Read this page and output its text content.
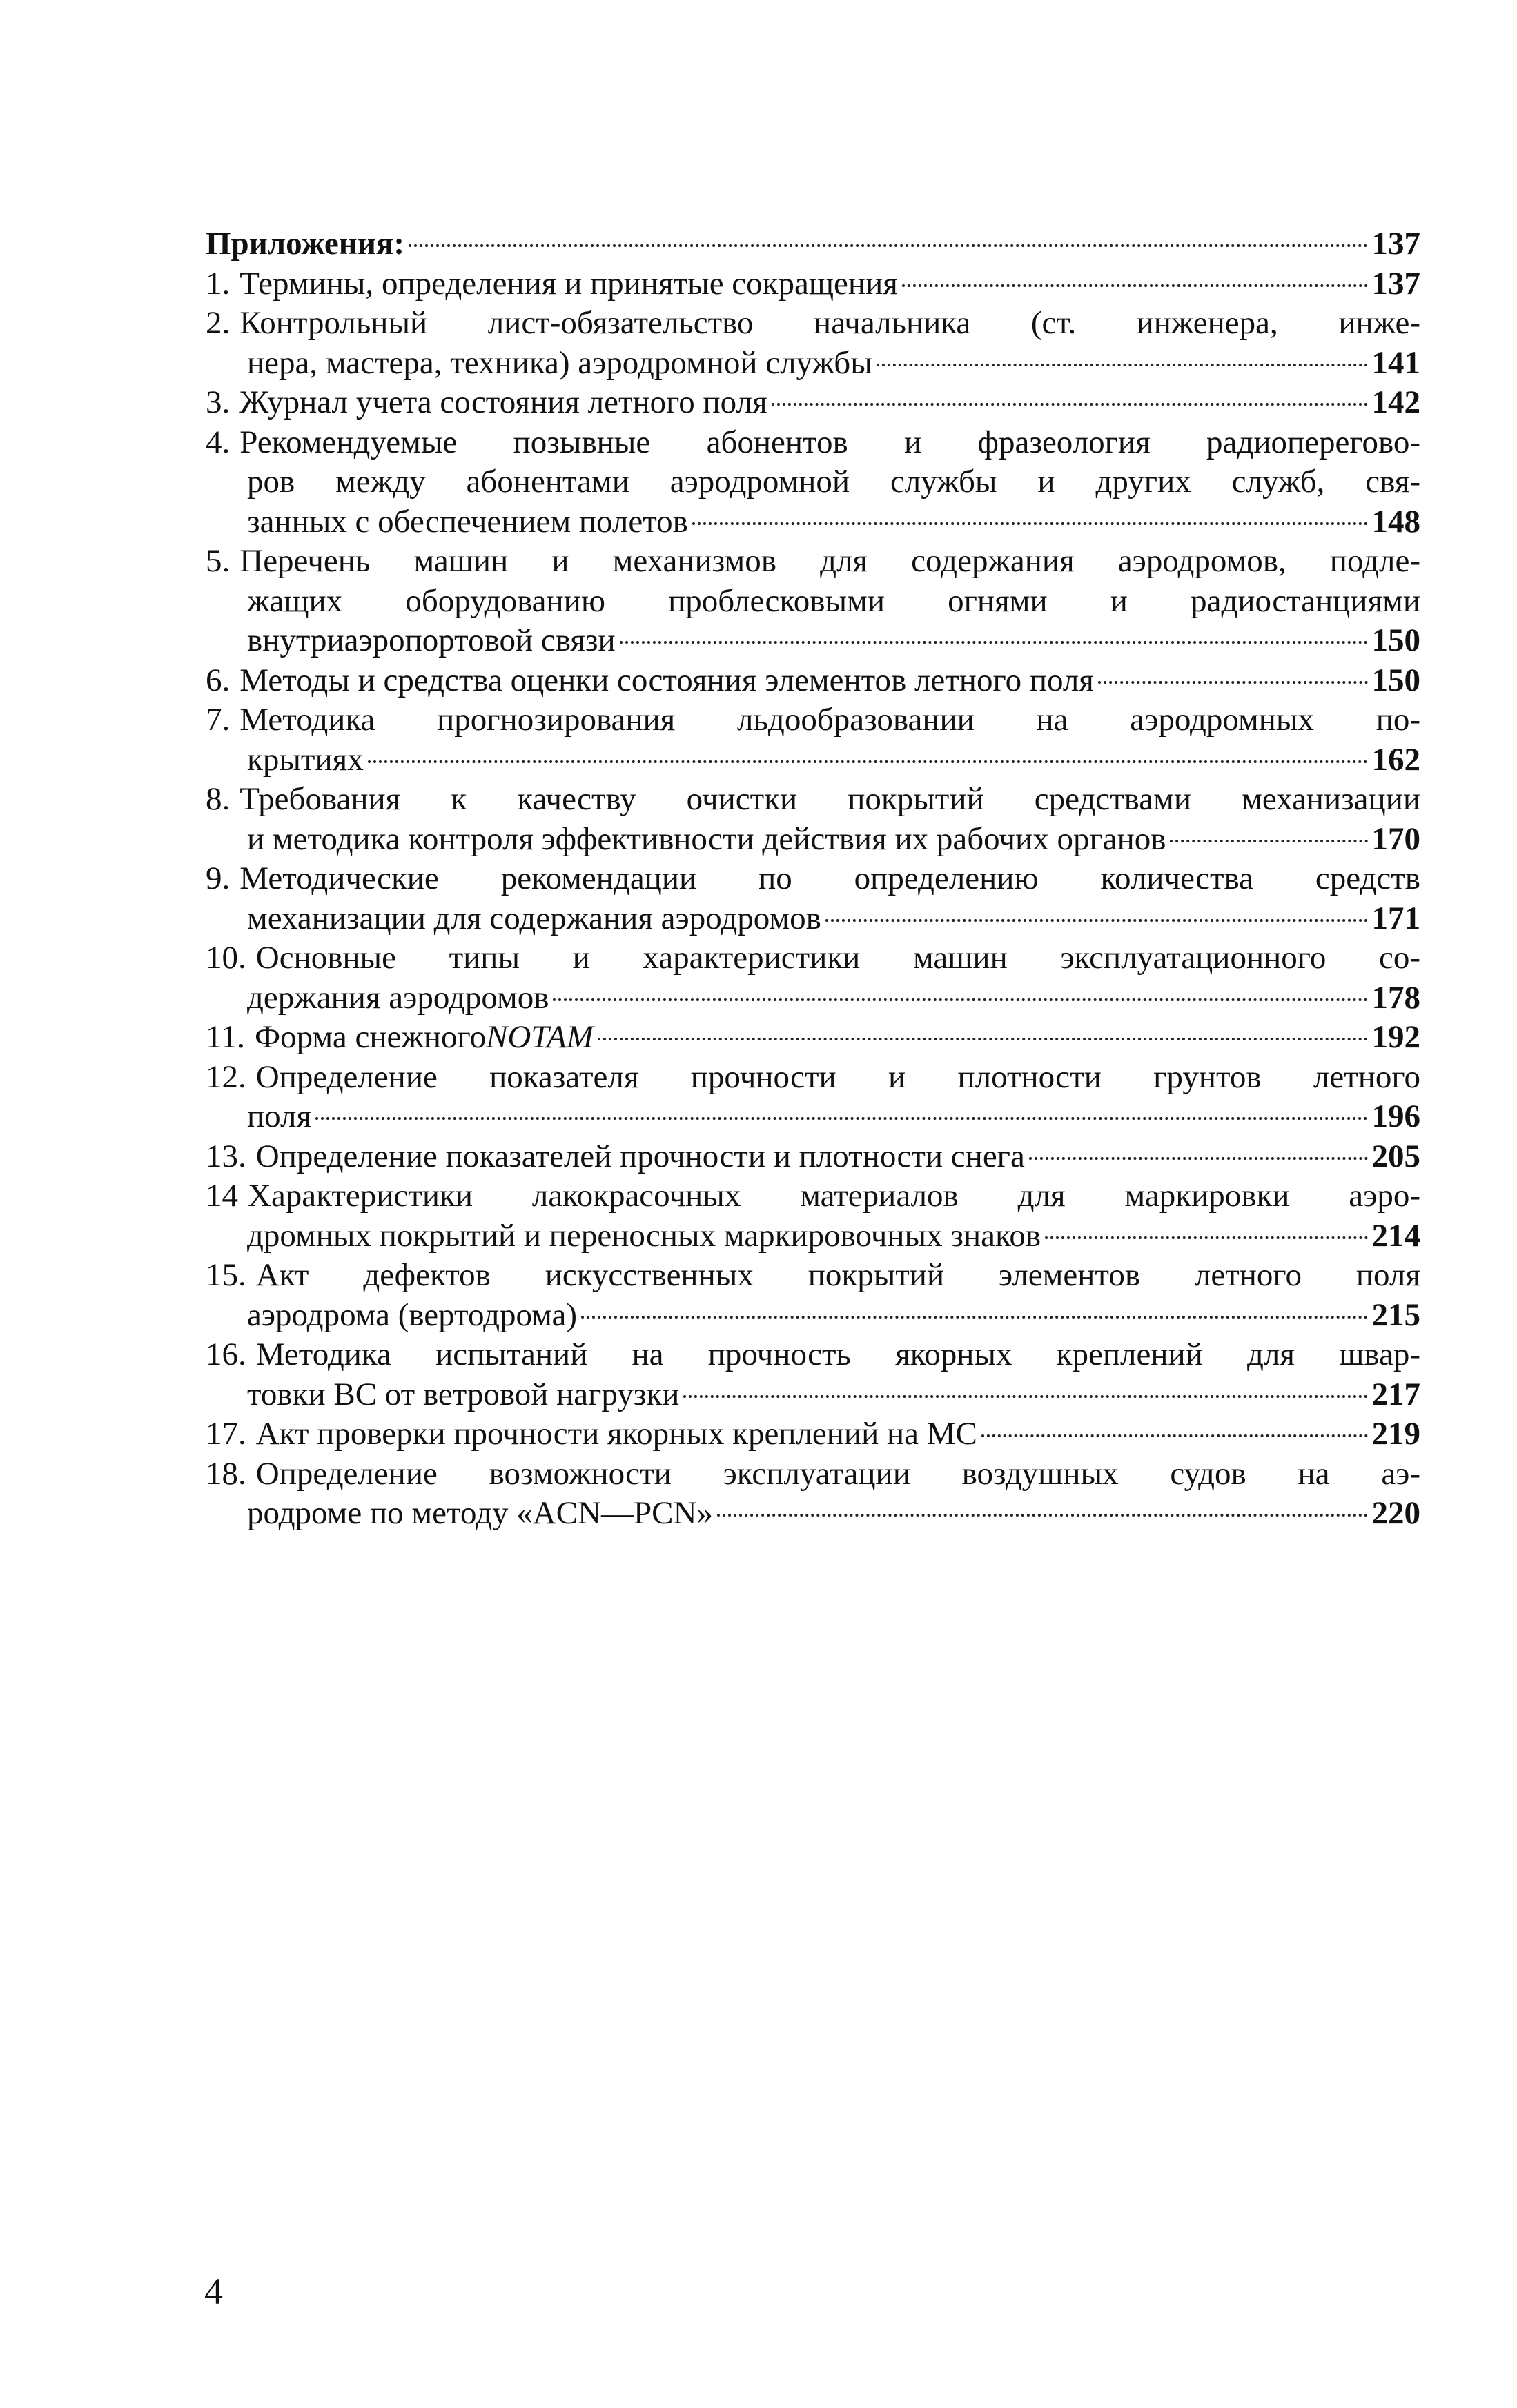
Приложения:	137
1. Термины, определения и принятые сокращения	137
2. Контрольный лист-обязательство начальника (ст. инженера, инже-
нера, мастера, техника) аэродромной службы	141
3. Журнал учета состояния летного поля	142
4. Рекомендуемые позывные абонентов и фразеология радиоперегово-
ров между абонентами аэродромной службы и других служб, свя-
занных с обеспечением полетов	148
5. Перечень машин и механизмов для содержания аэродромов, подле-
жащих оборудованию проблесковыми огнями и радиостанциями
внутриаэропортовой связи	150
6. Методы и средства оценки состояния элементов летного поля	150
7. Методика прогнозирования льдообразовании на аэродромных по-
крытиях	162
8. Требования к качеству очистки покрытий средствами механизации
и методика контроля эффективности действия их рабочих органов	170
9. Методические рекомендации по определению количества средств
механизации для содержания аэродромов	171
10. Основные типы и характеристики машин эксплуатационного со-
держания аэродромов	178
11. Форма снежного NOTAM	192
12. Определение показателя прочности и плотности грунтов летного
поля	196
13. Определение показателей прочности и плотности снега	205
14 Характеристики лакокрасочных материалов для маркировки аэро-
дромных покрытий и переносных маркировочных знаков	214
15. Акт дефектов искусственных покрытий элементов летного поля
аэродрома (вертодрома)	215
16. Методика испытаний на прочность якорных креплений для швар-
товки ВС от ветровой нагрузки	217
17. Акт проверки прочности якорных креплений на МС	219
18. Определение возможности эксплуатации воздушных судов на аэ-
родроме по методу «ACN—PCN»	220
4
